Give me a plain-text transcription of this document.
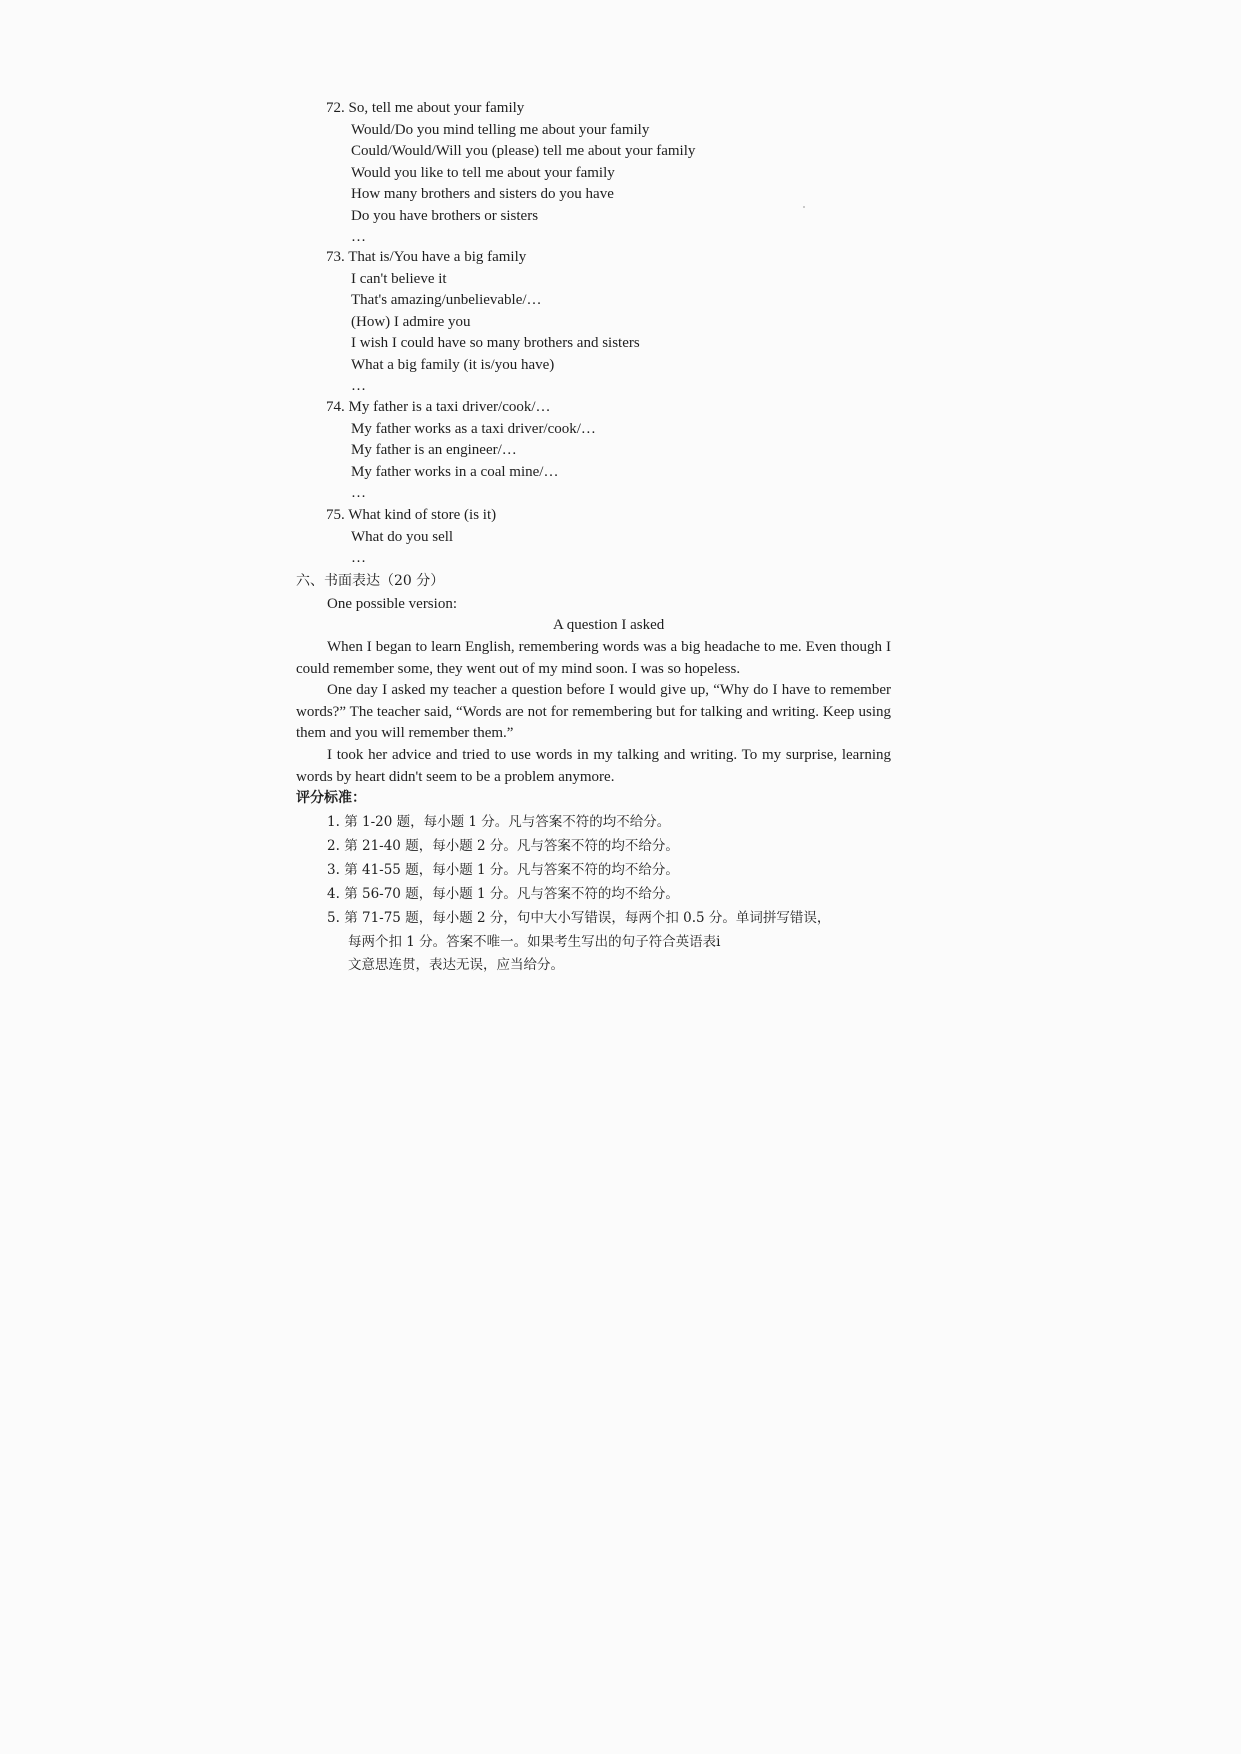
72. So, tell me about your family
Would/Do you mind telling me about your family
Could/Would/Will you (please) tell me about your family
Would you like to tell me about your family
How many brothers and sisters do you have
Do you have brothers or sisters
…
73. That is/You have a big family
I can't believe it
That's amazing/unbelievable/…
(How) I admire you
I wish I could have so many brothers and sisters
What a big family (it is/you have)
…
74. My father is a taxi driver/cook/…
My father works as a taxi driver/cook/…
My father is an engineer/…
My father works in a coal mine/…
…
75. What kind of store (is it)
What do you sell
…
六、书面表达（20 分）
One possible version:
A question I asked

When I began to learn English, remembering words was a big headache to me. Even though I could remember some, they went out of my mind soon. I was so hopeless.

One day I asked my teacher a question before I would give up, “Why do I have to remember words?” The teacher said, “Words are not for remembering but for talking and writing. Keep using them and you will remember them.”

I took her advice and tried to use words in my talking and writing. To my surprise, learning words by heart didn't seem to be a problem anymore.

评分标准：
1. 第 1-20 题，每小题 1 分。凡与答案不符的均不给分。
2. 第 21-40 题，每小题 2 分。凡与答案不符的均不给分。
3. 第 41-55 题，每小题 1 分。凡与答案不符的均不给分。
4. 第 56-70 题，每小题 1 分。凡与答案不符的均不给分。
5. 第 71-75 题，每小题 2 分，句中大小写错误，每两个扣 0.5 分。单词拼写错误，
每两个扣 1 分。答案不唯一。如果考生写出的句子符合英语表i
文意思连贯，表达无误，应当给分。
